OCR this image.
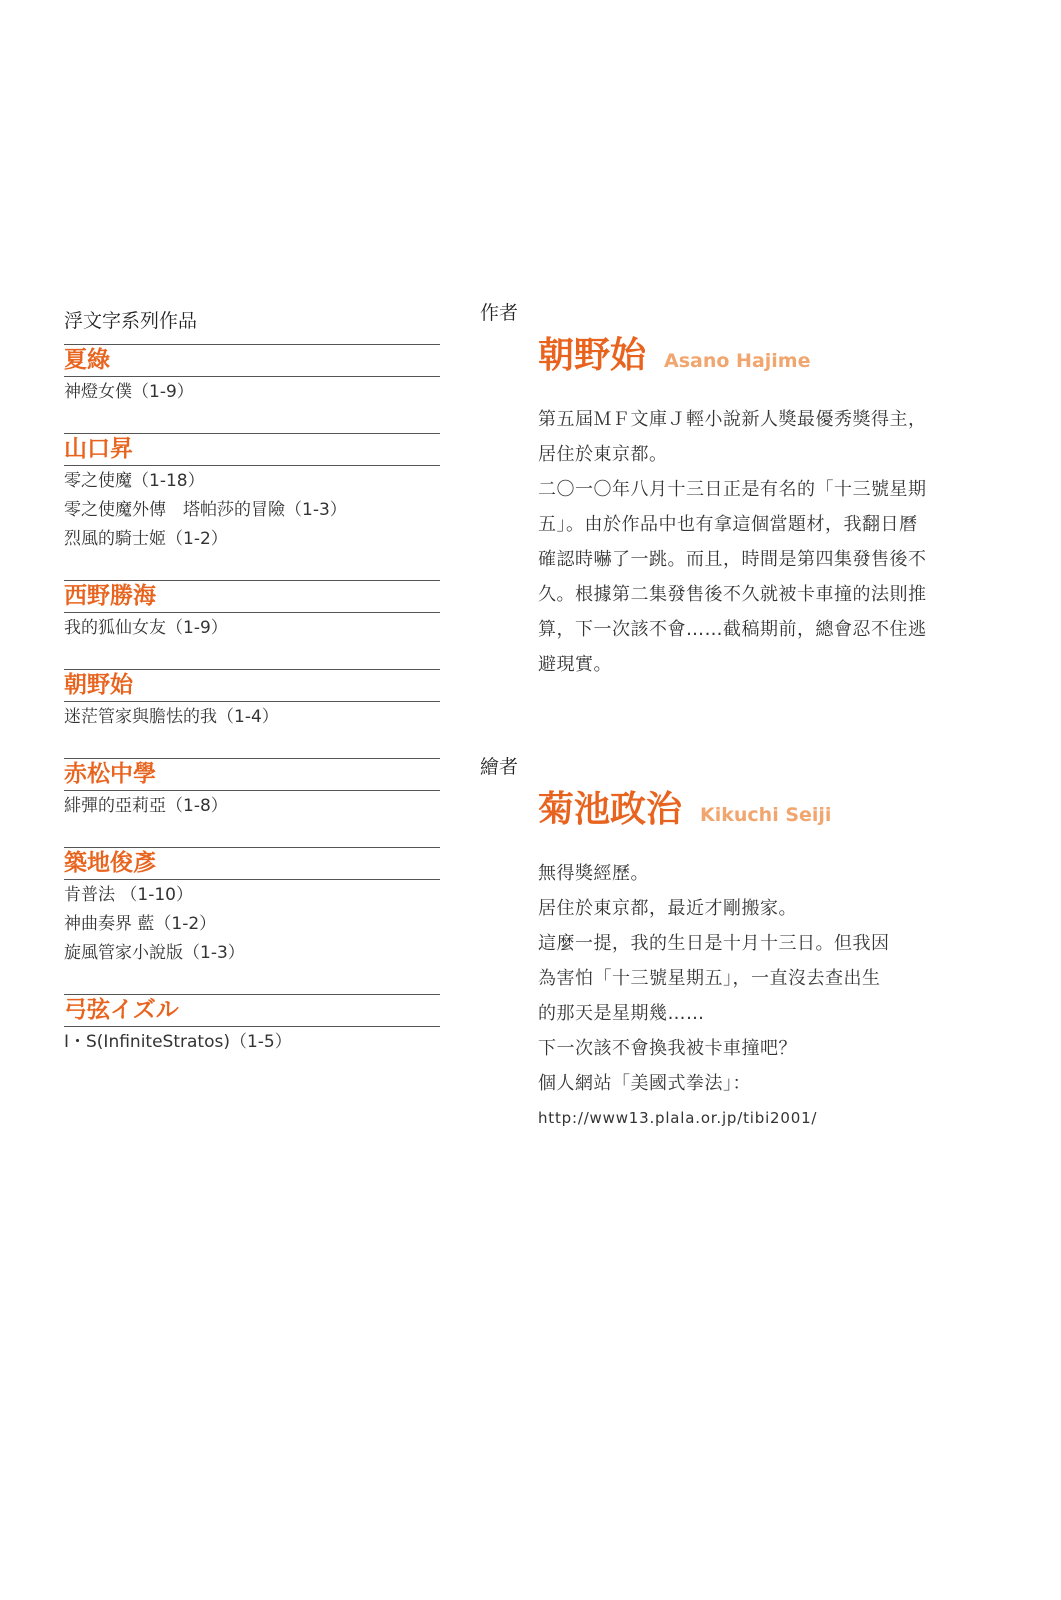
浮文字系列作品
夏綠
神燈女僕（1-9）
山口昇
零之使魔（1-18）
零之使魔外傳　塔帕莎的冒險（1-3）
烈風的騎士姬（1-2）
西野勝海
我的狐仙女友（1-9）
朝野始
迷茫管家與膽怯的我（1-4）
赤松中學
緋彈的亞莉亞（1-8）
築地俊彥
肯普法 （1-10）
神曲奏界 藍（1-2）
旋風管家小說版（1-3）
弓弦イズル
I・S(InfiniteStratos)（1-5）
作者
朝野始 Asano Hajime
第五屆ＭＦ文庫Ｊ輕小說新人獎最優秀獎得主，
居住於東京都。
二〇一〇年八月十三日正是有名的「十三號星期
五」。由於作品中也有拿這個當題材，我翻日曆
確認時嚇了一跳。而且，時間是第四集發售後不
久。根據第二集發售後不久就被卡車撞的法則推
算，下一次該不會……截稿期前，總會忍不住逃
避現實。
繪者
菊池政治 Kikuchi Seiji
無得獎經歷。
居住於東京都，最近才剛搬家。
這麼一提，我的生日是十月十三日。但我因
為害怕「十三號星期五」，一直沒去查出生
的那天是星期幾……
下一次該不會換我被卡車撞吧？
個人網站「美國式拳法」：
http://www13.plala.or.jp/tibi2001/
